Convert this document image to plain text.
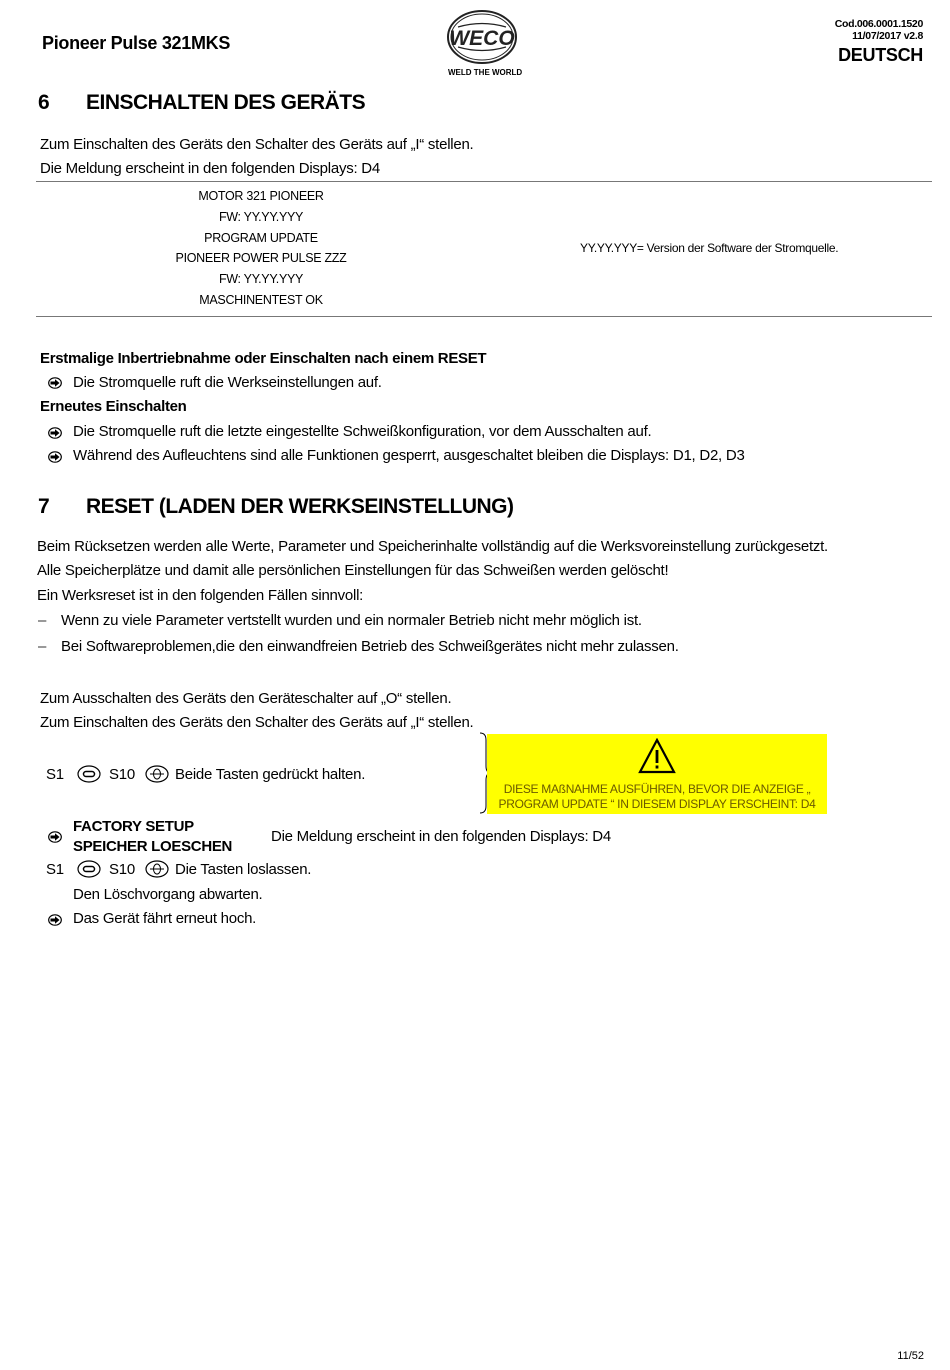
Pioneer Pulse 321MKS	WECO
WELD THE WORLD
Cod.006.0001.1520
11/07/2017 v2.8
DEUTSCH
6 EINSCHALTEN DES GERÄTS
Zum Einschalten des Geräts den Schalter des Geräts auf „I“ stellen.
Die Meldung erscheint in den folgenden Displays: D4
MOTOR 321 PIONEER
FW: YY.YY.YYY
PROGRAM UPDATE
PIONEER POWER PULSE ZZZ
FW: YY.YY.YYY
MASCHINENTEST OK
YY.YY.YYY= Version der Software der Stromquelle.
Erstmalige Inbertriebnahme oder Einschalten nach einem RESET
Die Stromquelle ruft die Werkseinstellungen auf.
Erneutes Einschalten
Die Stromquelle ruft die letzte eingestellte Schweißkonfiguration, vor dem Ausschalten auf.
Während des Aufleuchtens sind alle Funktionen gesperrt, ausgeschaltet bleiben die Displays: D1, D2, D3
7 RESET (LADEN DER WERKSEINSTELLUNG)
Beim Rücksetzen werden alle Werte, Parameter und Speicherinhalte vollständig auf die Werksvoreinstellung zurückgesetzt.
Alle Speicherplätze und damit alle persönlichen Einstellungen für das Schweißen werden gelöscht!
Ein Werksreset ist in den folgenden Fällen sinnvoll:
– Wenn zu viele Parameter vertstellt wurden und ein normaler Betrieb nicht mehr möglich ist.
– Bei Softwareproblemen,die den einwandfreien Betrieb des Schweißgerätes nicht mehr zulassen.
Zum Ausschalten des Geräts den Geräteschalter auf „O“ stellen.
Zum Einschalten des Geräts den Schalter des Geräts auf „I“ stellen.
S1	S10	Beide Tasten gedrückt halten.
DIESE MAßNAHME AUSFÜHREN, BEVOR DIE ANZEIGE „
PROGRAM UPDATE “ IN DIESEM DISPLAY ERSCHEINT: D4
FACTORY SETUP
SPEICHER LOESCHEN
Die Meldung erscheint in den folgenden Displays: D4
S1	S10	Die Tasten loslassen.
Den Löschvorgang abwarten.
Das Gerät fährt erneut hoch.
11/52
